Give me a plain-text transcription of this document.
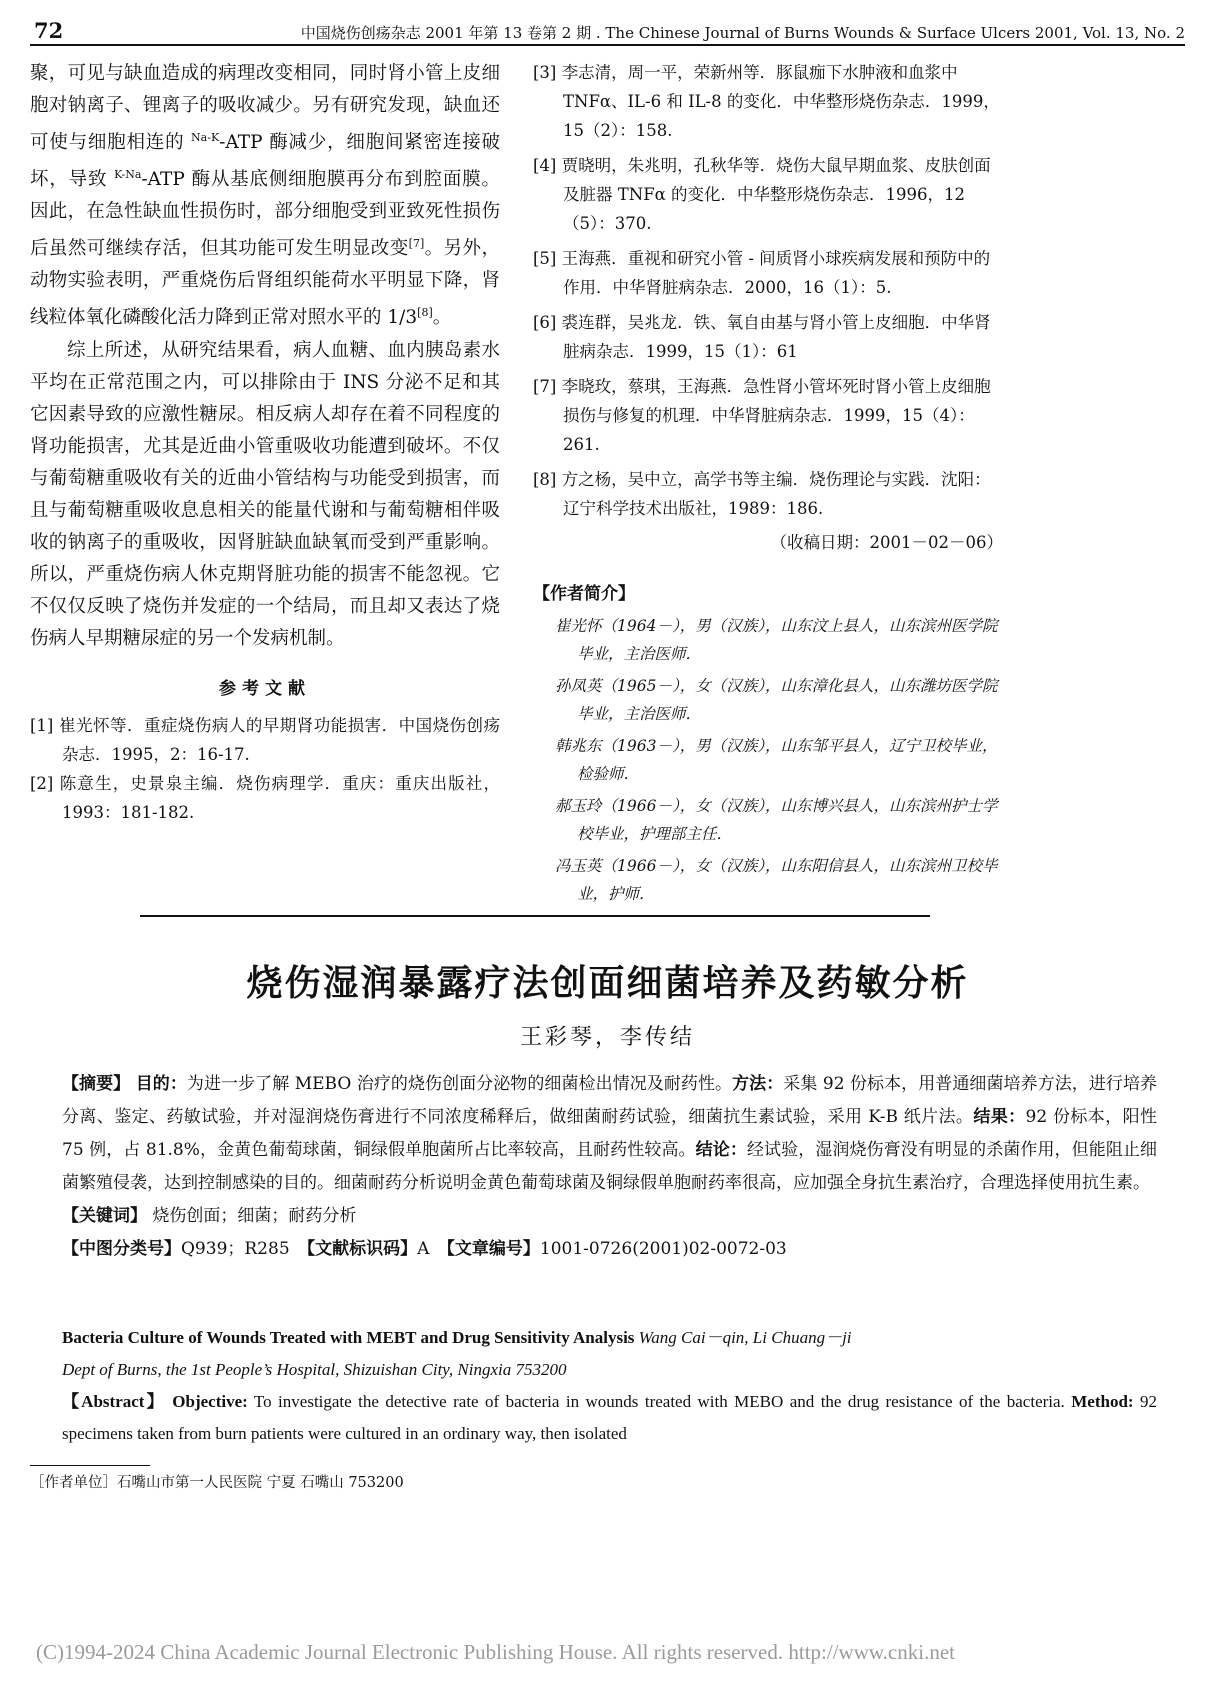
72	中国烧伤创疡杂志 2001 年第 13 卷第 2 期 . The Chinese Journal of Burns Wounds & Surface Ulcers 2001, Vol. 13, No. 2

聚，可见与缺血造成的病理改变相同，同时肾小管上皮细胞对钠离子、锂离子的吸收减少。另有研究发现，缺血还可使与细胞相连的 $^{Na-K}$-ATP 酶减少，细胞间紧密连接破坏，导致 $^{K-Na}$-ATP 酶从基底侧细胞膜再分布到腔面膜。因此，在急性缺血性损伤时，部分细胞受到亚致死性损伤后虽然可继续存活，但其功能可发生明显改变[7]。另外，动物实验表明，严重烧伤后肾组织能荷水平明显下降，肾线粒体氧化磷酸化活力降到正常对照水平的 1/3[8]。

综上所述，从研究结果看，病人血糖、血内胰岛素水平均在正常范围之内，可以排除由于 INS 分泌不足和其它因素导致的应激性糖尿。相反病人却存在着不同程度的肾功能损害，尤其是近曲小管重吸收功能遭到破坏。不仅与葡萄糖重吸收有关的近曲小管结构与功能受到损害，而且与葡萄糖重吸收息息相关的能量代谢和与葡萄糖相伴吸收的钠离子的重吸收，因肾脏缺血缺氧而受到严重影响。所以，严重烧伤病人休克期肾脏功能的损害不能忽视。它不仅仅反映了烧伤并发症的一个结局，而且却又表达了烧伤病人早期糖尿症的另一个发病机制。

参考文献

[1] 崔光怀等．重症烧伤病人的早期肾功能损害．中国烧伤创疡杂志．1995，2：16-17.

[2] 陈意生，史景泉主编．烧伤病理学．重庆：重庆出版社，1993：181-182.

[3] 李志清，周一平，荣新州等．豚鼠痂下水肿液和血浆中 TNFα、IL-6 和 IL-8 的变化．中华整形烧伤杂志．1999，15（2）：158.

[4] 贾晓明，朱兆明，孔秋华等．烧伤大鼠早期血浆、皮肤创面及脏器 TNFα 的变化．中华整形烧伤杂志．1996，12（5）：370.

[5] 王海燕．重视和研究小管 - 间质肾小球疾病发展和预防中的作用．中华肾脏病杂志．2000，16（1）：5.

[6] 裘连群，吴兆龙．铁、氧自由基与肾小管上皮细胞．中华肾脏病杂志．1999，15（1）：61

[7] 李晓玫，蔡琪，王海燕．急性肾小管坏死时肾小管上皮细胞损伤与修复的机理．中华肾脏病杂志．1999，15（4）：261.

[8] 方之杨，吴中立，高学书等主编．烧伤理论与实践．沈阳：辽宁科学技术出版社，1989：186.

（收稿日期：2001－02－06）

【作者简介】

崔光怀（1964－），男（汉族），山东汶上县人，山东滨州医学院毕业，主治医师．

孙凤英（1965－），女（汉族），山东漳化县人，山东潍坊医学院毕业，主治医师．

韩兆东（1963－），男（汉族），山东邹平县人，辽宁卫校毕业，检验师．

郝玉玲（1966－），女（汉族），山东博兴县人，山东滨州护士学校毕业，护理部主任．

冯玉英（1966－），女（汉族），山东阳信县人，山东滨州卫校毕业，护师．

烧伤湿润暴露疗法创面细菌培养及药敏分析
王彩琴，李传结

【摘要】 目的：为进一步了解 MEBO 治疗的烧伤创面分泌物的细菌检出情况及耐药性。方法：采集 92 份标本，用普通细菌培养方法，进行培养分离、鉴定、药敏试验，并对湿润烧伤膏进行不同浓度稀释后，做细菌耐药试验，细菌抗生素试验，采用 K-B 纸片法。结果：92 份标本，阳性 75 例，占 81.8%，金黄色葡萄球菌，铜绿假单胞菌所占比率较高，且耐药性较高。结论：经试验，湿润烧伤膏没有明显的杀菌作用，但能阻止细菌繁殖侵袭，达到控制感染的目的。细菌耐药分析说明金黄色葡萄球菌及铜绿假单胞耐药率很高，应加强全身抗生素治疗，合理选择使用抗生素。

【关键词】 烧伤创面；细菌；耐药分析

【中图分类号】Q939；R285　 【文献标识码】A　 【文章编号】1001-0726(2001)02-0072-03

Bacteria Culture of Wounds Treated with MEBT and Drug Sensitivity Analysis Wang Cai－qin, Li Chuang－ji

Dept of Burns, the 1st People’s Hospital, Shizuishan City, Ningxia 753200

【Abstract】 Objective: To investigate the detective rate of bacteria in wounds treated with MEBO and the drug resistance of the bacteria. Method: 92 specimens taken from burn patients were cultured in an ordinary way, then isolated

［作者单位］石嘴山市第一人民医院 宁夏 石嘴山 753200
(C)1994-2024 China Academic Journal Electronic Publishing House. All rights reserved. http://www.cnki.net
